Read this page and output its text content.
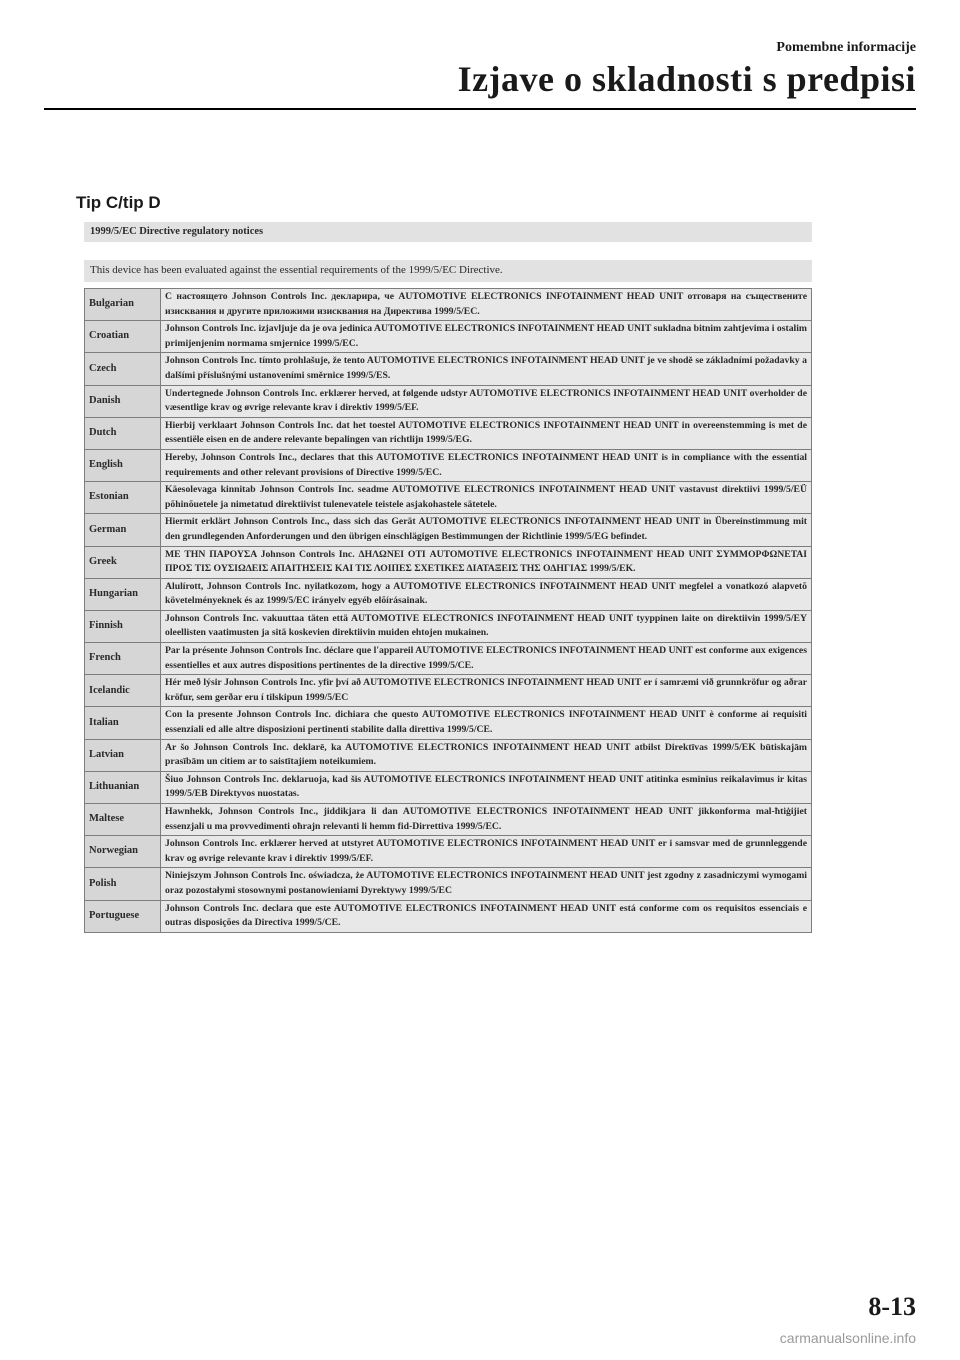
Pomembne informacije
Izjave o skladnosti s predpisi
Tip C/tip D
1999/5/EC Directive regulatory notices
This device has been evaluated against the essential requirements of the 1999/5/EC Directive.
Bulgarian	С настоящето Johnson Controls Inc. декларира, че AUTOMOTIVE ELECTRONICS INFOTAINMENT HEAD UNIT отговаря на съществените изисквания и другите приложими изисквания на Директива 1999/5/EC.
Croatian	Johnson Controls Inc. izjavljuje da je ova jedinica AUTOMOTIVE ELECTRONICS INFOTAINMENT HEAD UNIT sukladna bitnim zahtjevima i ostalim primijenjenim normama smjernice 1999/5/EC.
Czech	Johnson Controls Inc. tímto prohlašuje, že tento AUTOMOTIVE ELECTRONICS INFOTAINMENT HEAD UNIT je ve shodě se základními požadavky a dalšími příslušnými ustanoveními směrnice 1999/5/ES.
Danish	Undertegnede Johnson Controls Inc. erklærer herved, at følgende udstyr AUTOMOTIVE ELECTRONICS INFOTAINMENT HEAD UNIT overholder de væsentlige krav og øvrige relevante krav i direktiv 1999/5/EF.
Dutch	Hierbij verklaart Johnson Controls Inc. dat het toestel AUTOMOTIVE ELECTRONICS INFOTAINMENT HEAD UNIT in overeenstemming is met de essentiële eisen en de andere relevante bepalingen van richtlijn 1999/5/EG.
English	Hereby, Johnson Controls Inc., declares that this AUTOMOTIVE ELECTRONICS INFOTAINMENT HEAD UNIT is in compliance with the essential requirements and other relevant provisions of Directive 1999/5/EC.
Estonian	Käesolevaga kinnitab Johnson Controls Inc. seadme AUTOMOTIVE ELECTRONICS INFOTAINMENT HEAD UNIT vastavust direktiivi 1999/5/EÜ põhinõuetele ja nimetatud direktiivist tulenevatele teistele asjakohastele sätetele.
German	Hiermit erklärt Johnson Controls Inc., dass sich das Gerät AUTOMOTIVE ELECTRONICS INFOTAINMENT HEAD UNIT in Übereinstimmung mit den grundlegenden Anforderungen und den übrigen einschlägigen Bestimmungen der Richtlinie 1999/5/EG befindet.
Greek	ΜΕ ΤΗΝ ΠΑΡΟΥΣΑ Johnson Controls Inc. ΔΗΛΩΝΕΙ ΟΤΙ AUTOMOTIVE ELECTRONICS INFOTAINMENT HEAD UNIT ΣΥΜΜΟΡΦΩΝΕΤΑΙ ΠΡΟΣ ΤΙΣ ΟΥΣΙΩΔΕΙΣ ΑΠΑΙΤΗΣΕΙΣ ΚΑΙ ΤΙΣ ΛΟΙΠΕΣ ΣΧΕΤΙΚΕΣ ΔΙΑΤΑΞΕΙΣ ΤΗΣ ΟΔΗΓΙΑΣ 1999/5/ΕΚ.
Hungarian	Alulírott, Johnson Controls Inc. nyilatkozom, hogy a AUTOMOTIVE ELECTRONICS INFOTAINMENT HEAD UNIT megfelel a vonatkozó alapvetõ követelményeknek és az 1999/5/EC irányelv egyéb elõírásainak.
Finnish	Johnson Controls Inc. vakuuttaa täten että AUTOMOTIVE ELECTRONICS INFOTAINMENT HEAD UNIT tyyppinen laite on direktiivin 1999/5/EY oleellisten vaatimusten ja sitä koskevien direktiivin muiden ehtojen mukainen.
French	Par la présente Johnson Controls Inc. déclare que l'appareil AUTOMOTIVE ELECTRONICS INFOTAINMENT HEAD UNIT est conforme aux exigences essentielles et aux autres dispositions pertinentes de la directive 1999/5/CE.
Icelandic	Hér með lýsir Johnson Controls Inc. yfir því að AUTOMOTIVE ELECTRONICS INFOTAINMENT HEAD UNIT er í samræmi við grunnkröfur og aðrar kröfur, sem gerðar eru í tilskipun 1999/5/EC
Italian	Con la presente Johnson Controls Inc. dichiara che questo AUTOMOTIVE ELECTRONICS INFOTAINMENT HEAD UNIT è conforme ai requisiti essenziali ed alle altre disposizioni pertinenti stabilite dalla direttiva 1999/5/CE.
Latvian	Ar šo Johnson Controls Inc. deklarē, ka AUTOMOTIVE ELECTRONICS INFOTAINMENT HEAD UNIT atbilst Direktīvas 1999/5/EK būtiskajām prasībām un citiem ar to saistītajiem noteikumiem.
Lithuanian	Šiuo Johnson Controls Inc. deklaruoja, kad šis AUTOMOTIVE ELECTRONICS INFOTAINMENT HEAD UNIT atitinka esminius reikalavimus ir kitas 1999/5/EB Direktyvos nuostatas.
Maltese	Hawnhekk, Johnson Controls Inc., jiddikjara li dan AUTOMOTIVE ELECTRONICS INFOTAINMENT HEAD UNIT jikkonforma mal-ħtiġijiet essenzjali u ma provvedimenti oħrajn relevanti li hemm fid-Dirrettiva 1999/5/EC.
Norwegian	Johnson Controls Inc. erklærer herved at utstyret AUTOMOTIVE ELECTRONICS INFOTAINMENT HEAD UNIT er i samsvar med de grunnleggende krav og øvrige relevante krav i direktiv 1999/5/EF.
Polish	Niniejszym Johnson Controls Inc. oświadcza, że AUTOMOTIVE ELECTRONICS INFOTAINMENT HEAD UNIT jest zgodny z zasadniczymi wymogami oraz pozostałymi stosownymi postanowieniami Dyrektywy 1999/5/EC
Portuguese	Johnson Controls Inc. declara que este AUTOMOTIVE ELECTRONICS INFOTAINMENT HEAD UNIT está conforme com os requisitos essenciais e outras disposições da Directiva 1999/5/CE.
8-13
carmanualsonline.info
